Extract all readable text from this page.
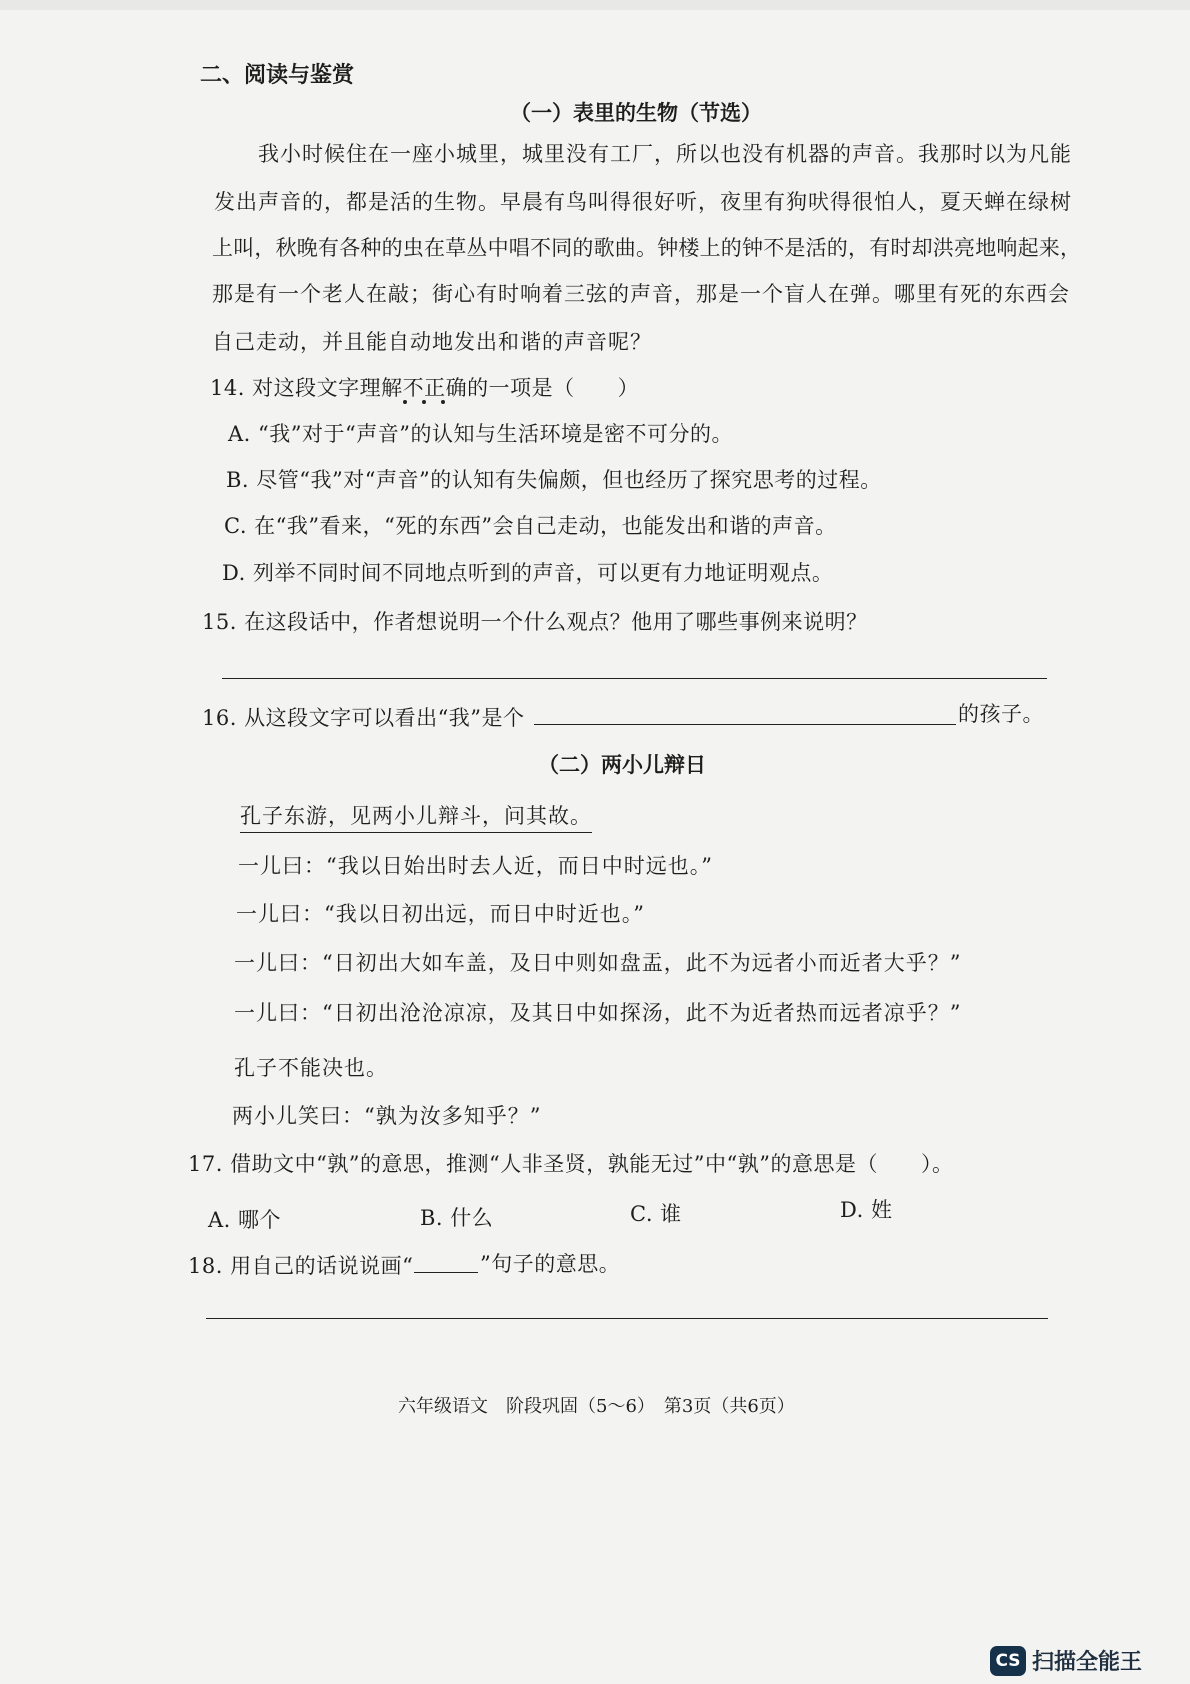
二、阅读与鉴赏
（一）表里的生物（节选）
我小时候住在一座小城里，城里没有工厂，所以也没有机器的声音。我那时以为凡能
发出声音的，都是活的生物。早晨有鸟叫得很好听，夜里有狗吠得很怕人，夏天蝉在绿树
上叫，秋晚有各种的虫在草丛中唱不同的歌曲。钟楼上的钟不是活的，有时却洪亮地响起来，
那是有一个老人在敲；街心有时响着三弦的声音，那是一个盲人在弹。哪里有死的东西会
自己走动，并且能自动地发出和谐的声音呢？
14. 对这段文字理解不正确的一项是（　　）
A. “我”对于“声音”的认知与生活环境是密不可分的。
B. 尽管“我”对“声音”的认知有失偏颇，但也经历了探究思考的过程。
C. 在“我”看来，“死的东西”会自己走动，也能发出和谐的声音。
D. 列举不同时间不同地点听到的声音，可以更有力地证明观点。
15. 在这段话中，作者想说明一个什么观点？他用了哪些事例来说明？
16. 从这段文字可以看出“我”是个	的孩子。
（二）两小儿辩日
孔子东游，见两小儿辩斗，问其故。
一儿曰：“我以日始出时去人近，而日中时远也。”
一儿曰：“我以日初出远，而日中时近也。”
一儿曰：“日初出大如车盖，及日中则如盘盂，此不为远者小而近者大乎？”
一儿曰：“日初出沧沧凉凉，及其日中如探汤，此不为近者热而远者凉乎？”
孔子不能决也。
两小儿笑曰：“孰为汝多知乎？”
17. 借助文中“孰”的意思，推测“人非圣贤，孰能无过”中“孰”的意思是（　　）。
A. 哪个	B. 什么	C. 谁	D. 姓
18. 用自己的话说说画“	”句子的意思。
六年级语文　阶段巩固（5～6）　第3页（共6页）
CS 扫描全能王
